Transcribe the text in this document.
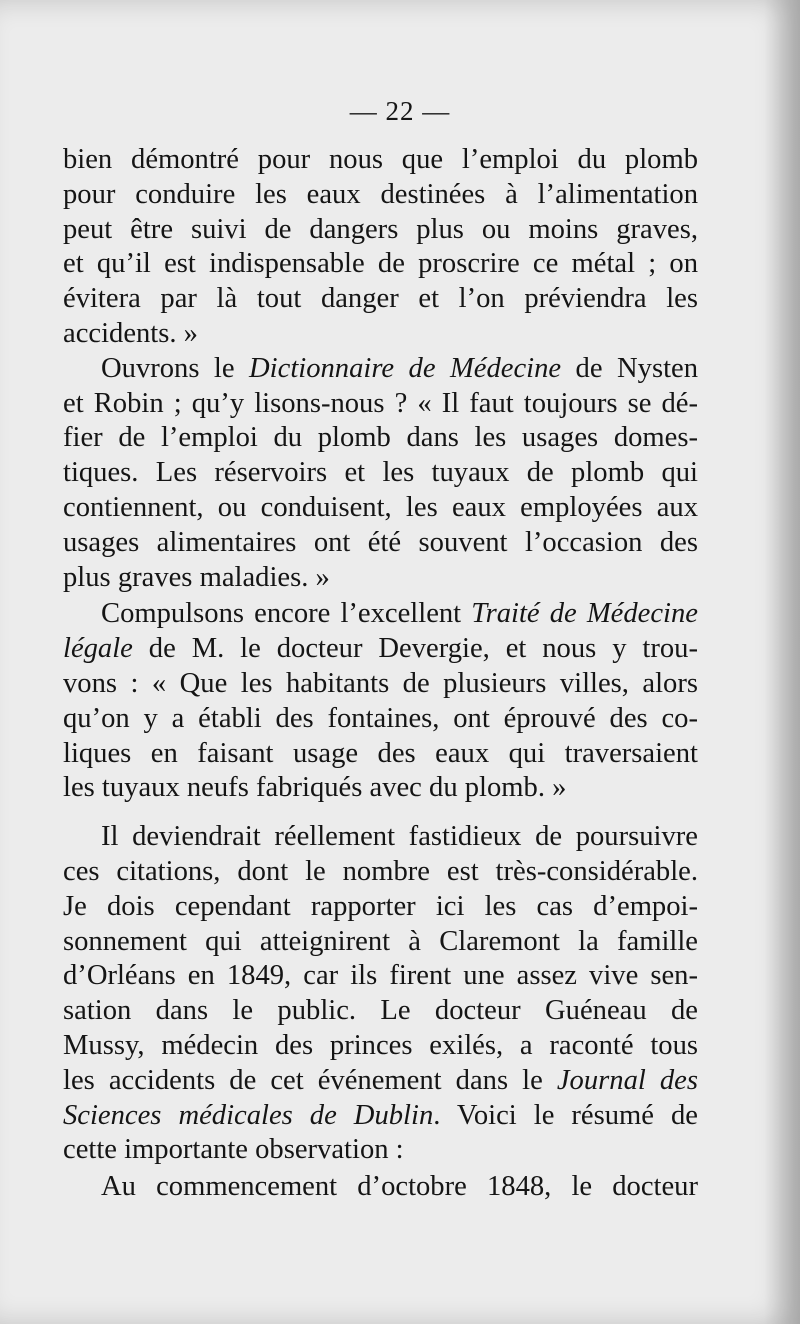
— 22 —
bien démontré pour nous que l’emploi du plomb
pour conduire les eaux destinées à l’alimentation
peut être suivi de dangers plus ou moins graves,
et qu’il est indispensable de proscrire ce métal ; on
évitera par là tout danger et l’on préviendra les
accidents. »
Ouvrons le Dictionnaire de Médecine de Nysten
et Robin ; qu’y lisons-nous ? « Il faut toujours se dé-
fier de l’emploi du plomb dans les usages domes-
tiques. Les réservoirs et les tuyaux de plomb qui
contiennent, ou conduisent, les eaux employées aux
usages alimentaires ont été souvent l’occasion des
plus graves maladies. »
Compulsons encore l’excellent Traité de Médecine
légale de M. le docteur Devergie, et nous y trou-
vons : « Que les habitants de plusieurs villes, alors
qu’on y a établi des fontaines, ont éprouvé des co-
liques en faisant usage des eaux qui traversaient
les tuyaux neufs fabriqués avec du plomb. »
Il deviendrait réellement fastidieux de poursuivre
ces citations, dont le nombre est très-considérable.
Je dois cependant rapporter ici les cas d’empoi-
sonnement qui atteignirent à Claremont la famille
d’Orléans en 1849, car ils firent une assez vive sen-
sation dans le public. Le docteur Guéneau de
Mussy, médecin des princes exilés, a raconté tous
les accidents de cet événement dans le Journal des
Sciences médicales de Dublin. Voici le résumé de
cette importante observation :
Au commencement d’octobre 1848, le docteur
